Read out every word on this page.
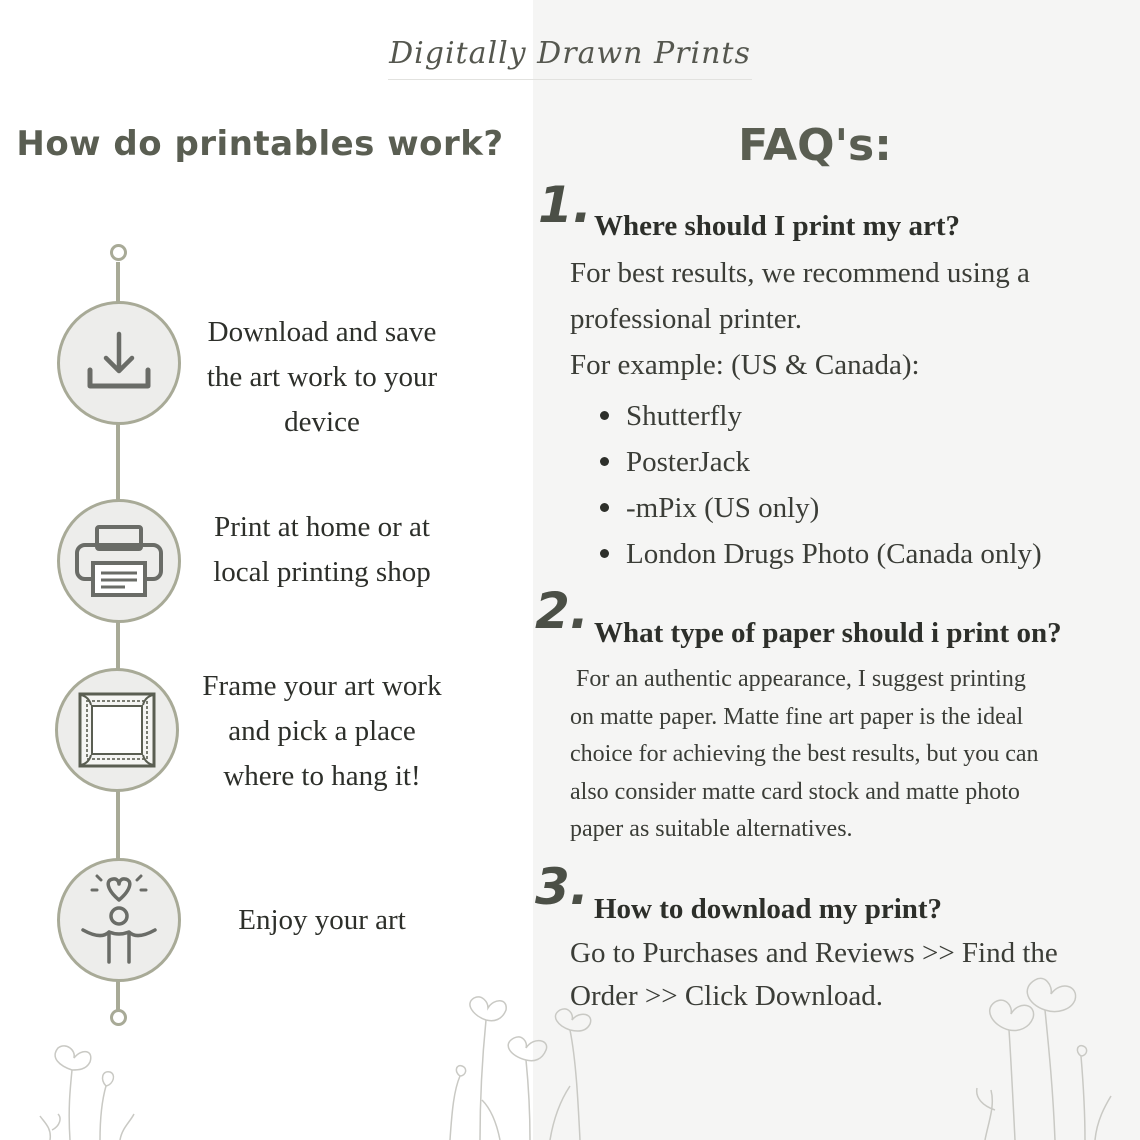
Digitally Drawn Prints
How do printables work?	FAQ's:
Download and save
the art work to your
device
Print at home or at
local printing shop
Frame your art work
and pick a place
where to hang it!
Enjoy your art
1. Where should I print my art?
For best results, we recommend using a
professional printer.
For example: (US & Canada):
Shutterfly
PosterJack
-mPix (US only)
London Drugs Photo (Canada only)
2. What type of paper should i print on?
For an authentic appearance, I suggest printing
on matte paper. Matte fine art paper is the ideal
choice for achieving the best results, but you can
also consider matte card stock and matte photo
paper as suitable alternatives.
3. How to download my print?
Go to Purchases and Reviews >> Find the
Order >> Click Download.
